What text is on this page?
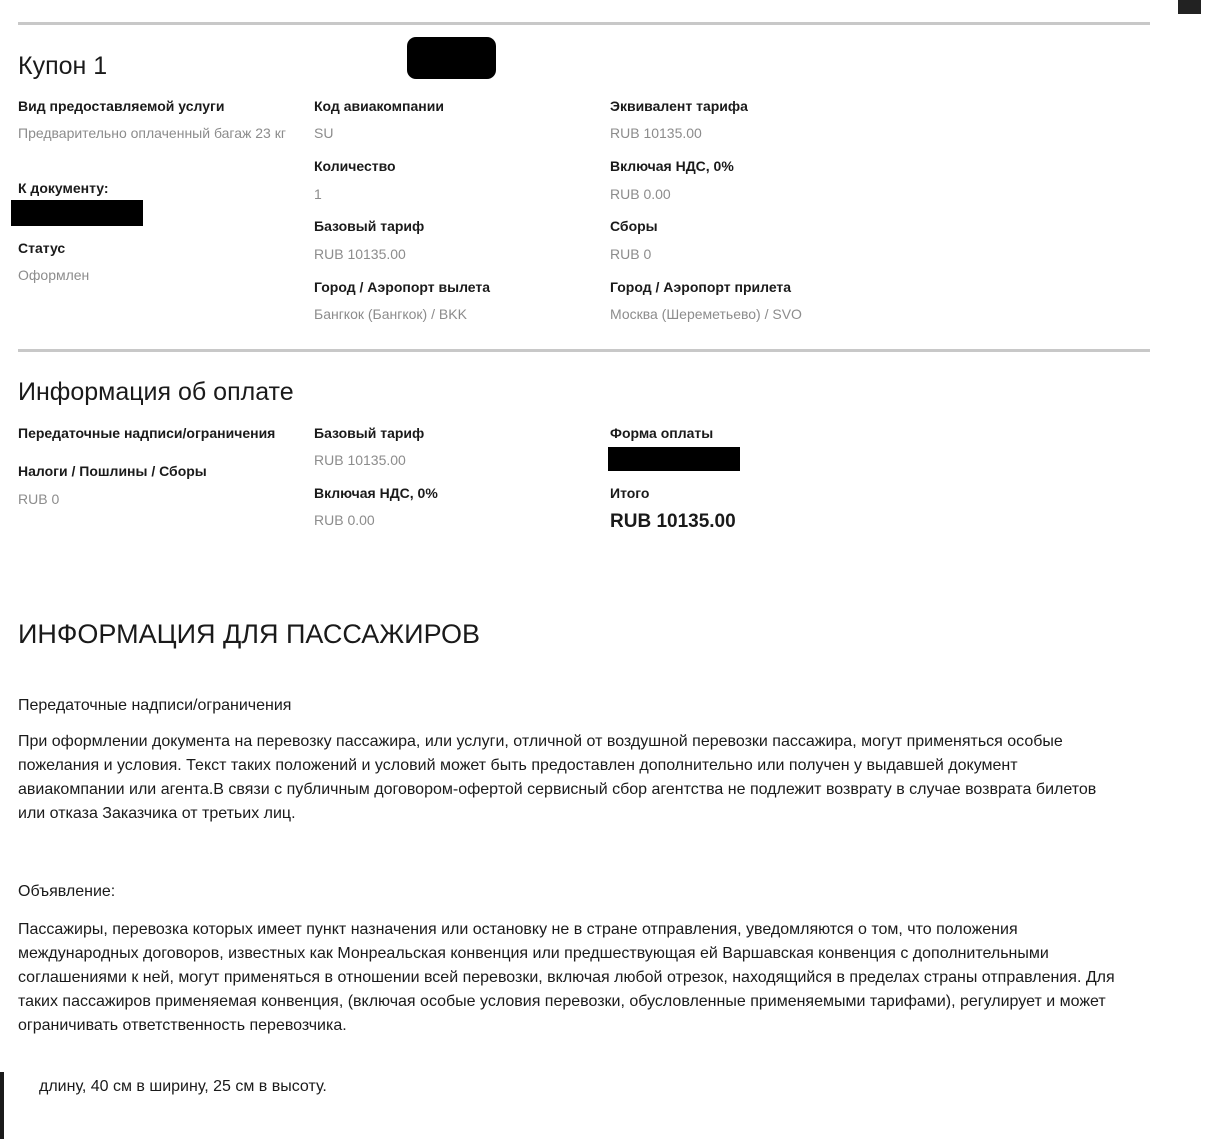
Купон 1
Вид предоставляемой услуги
Предварительно оплаченный багаж 23 кг
К документу:
Статус
Оформлен
Код авиакомпании
SU
Количество
1
Базовый тариф
RUB 10135.00
Город / Аэропорт вылета
Бангкок (Бангкок) / BKK
Эквивалент тарифа
RUB 10135.00
Включая НДС, 0%
RUB 0.00
Сборы
RUB 0
Город / Аэропорт прилета
Москва (Шереметьево) / SVO
Информация об оплате
Передаточные надписи/ограничения
Налоги / Пошлины / Сборы
RUB 0
Базовый тариф
RUB 10135.00
Включая НДС, 0%
RUB 0.00
Форма оплаты
Итого
RUB 10135.00
ИНФОРМАЦИЯ ДЛЯ ПАССАЖИРОВ
Передаточные надписи/ограничения
При оформлении документа на перевозку пассажира, или услуги, отличной от воздушной перевозки пассажира, могут применяться особые пожелания и условия. Текст таких положений и условий может быть предоставлен дополнительно или получен у выдавшей документ авиакомпании или агента.В связи с публичным договором-офертой сервисный сбор агентства не подлежит возврату в случае возврата билетов или отказа Заказчика от третьих лиц.
Объявление:
Пассажиры, перевозка которых имеет пункт назначения или остановку не в стране отправления, уведомляются о том, что положения международных договоров, известных как Монреальская конвенция или предшествующая ей Варшавская конвенция с дополнительными соглашениями к ней, могут применяться в отношении всей перевозки, включая любой отрезок, находящийся в пределах страны отправления. Для таких пассажиров применяемая конвенция, (включая особые условия перевозки, обусловленные применяемыми тарифами), регулирует и может ограничивать ответственность перевозчика.
длину, 40 см в ширину, 25 см в высоту.
